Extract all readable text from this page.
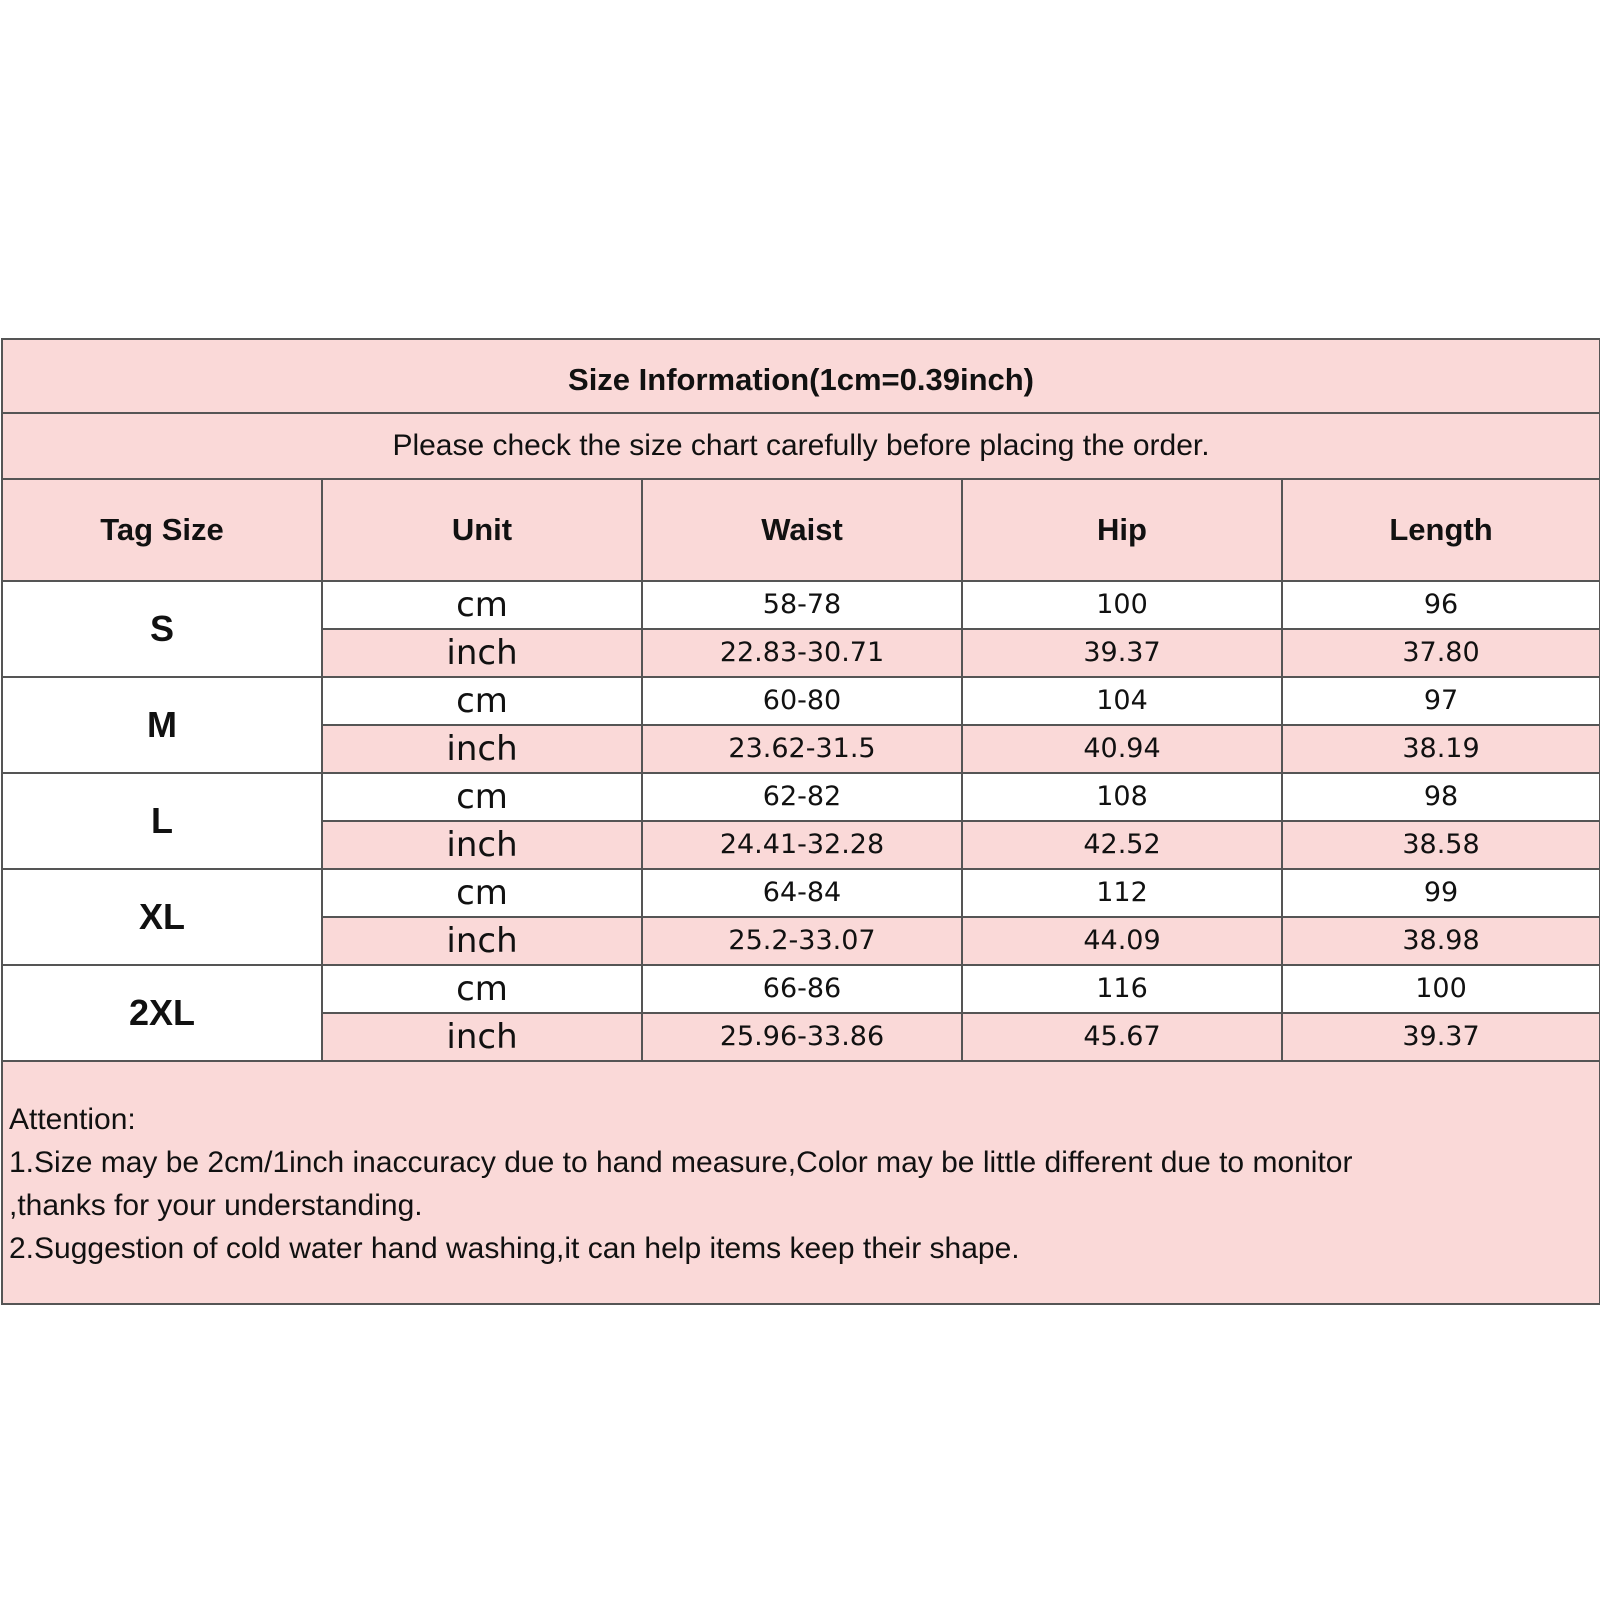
Size Information(1cm=0.39inch)				
Please check the size chart carefully before placing the order.				
Tag Size	Unit	Waist	Hip	Length
S	cm	58-78	100	96
	inch	22.83-30.71	39.37	37.80
M	cm	60-80	104	97
	inch	23.62-31.5	40.94	38.19
L	cm	62-82	108	98
	inch	24.41-32.28	42.52	38.58
XL	cm	64-84	112	99
	inch	25.2-33.07	44.09	38.98
2XL	cm	66-86	116	100
	inch	25.96-33.86	45.67	39.37

Attention:
1.Size may be 2cm/1inch inaccuracy due to hand measure,Color may be little different due to monitor
,thanks for your understanding.
2.Suggestion of cold water hand washing,it can help items keep their shape.				
